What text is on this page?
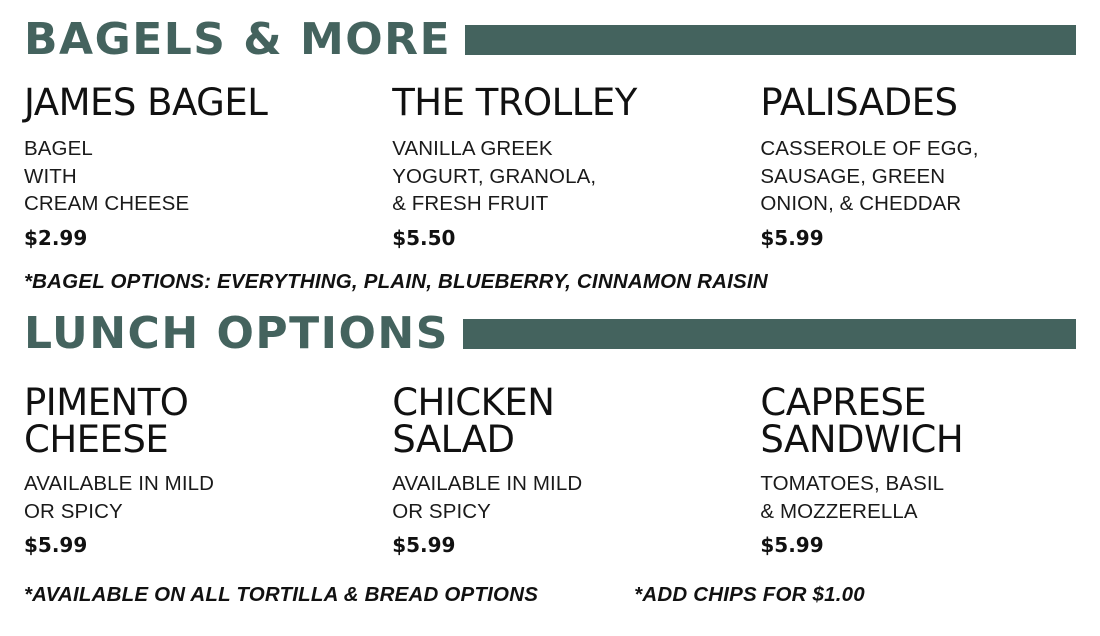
BAGELS & MORE

JAMES BAGEL

BAGEL
WITH
CREAM CHEESE

$2.99

THE TROLLEY

VANILLA GREEK
YOGURT, GRANOLA,
& FRESH FRUIT

$5.50

PALISADES

CASSEROLE OF EGG,
SAUSAGE, GREEN
ONION, & CHEDDAR

$5.99

*BAGEL OPTIONS: EVERYTHING, PLAIN, BLUEBERRY, CINNAMON RAISIN

LUNCH OPTIONS

PIMENTO
CHEESE

AVAILABLE IN MILD
OR SPICY

$5.99

CHICKEN
SALAD

AVAILABLE IN MILD
OR SPICY

$5.99

CAPRESE
SANDWICH

TOMATOES, BASIL
& MOZZERELLA

$5.99

*AVAILABLE ON ALL TORTILLA & BREAD OPTIONS	*ADD CHIPS FOR $1.00
